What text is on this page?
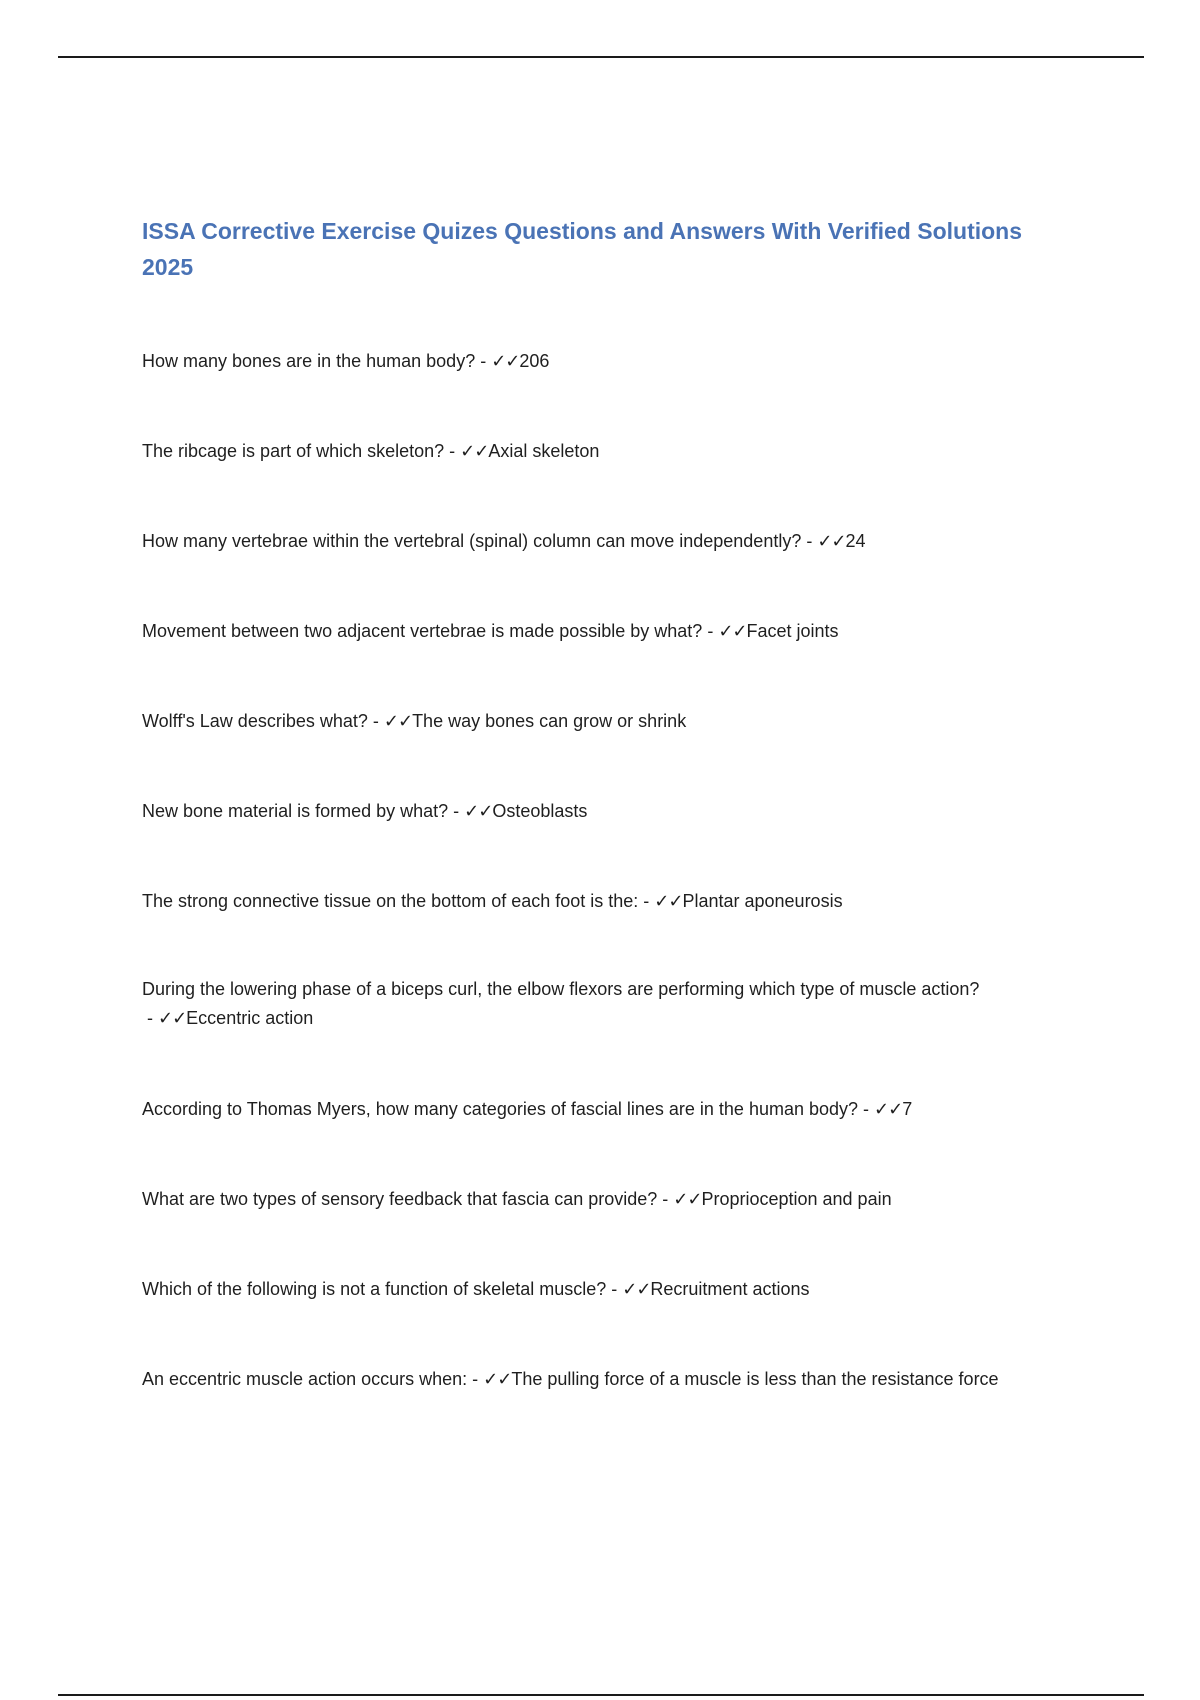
ISSA Corrective Exercise Quizes Questions and Answers With Verified Solutions 2025

How many bones are in the human body? - ✓✓206

The ribcage is part of which skeleton? - ✓✓Axial skeleton

How many vertebrae within the vertebral (spinal) column can move independently? - ✓✓24

Movement between two adjacent vertebrae is made possible by what? - ✓✓Facet joints

Wolff's Law describes what? - ✓✓The way bones can grow or shrink

New bone material is formed by what? - ✓✓Osteoblasts

The strong connective tissue on the bottom of each foot is the: - ✓✓Plantar aponeurosis

During the lowering phase of a biceps curl, the elbow flexors are performing which type of muscle action? - ✓✓Eccentric action

According to Thomas Myers, how many categories of fascial lines are in the human body? - ✓✓7

What are two types of sensory feedback that fascia can provide? - ✓✓Proprioception and pain

Which of the following is not a function of skeletal muscle? - ✓✓Recruitment actions

An eccentric muscle action occurs when: - ✓✓The pulling force of a muscle is less than the resistance force
